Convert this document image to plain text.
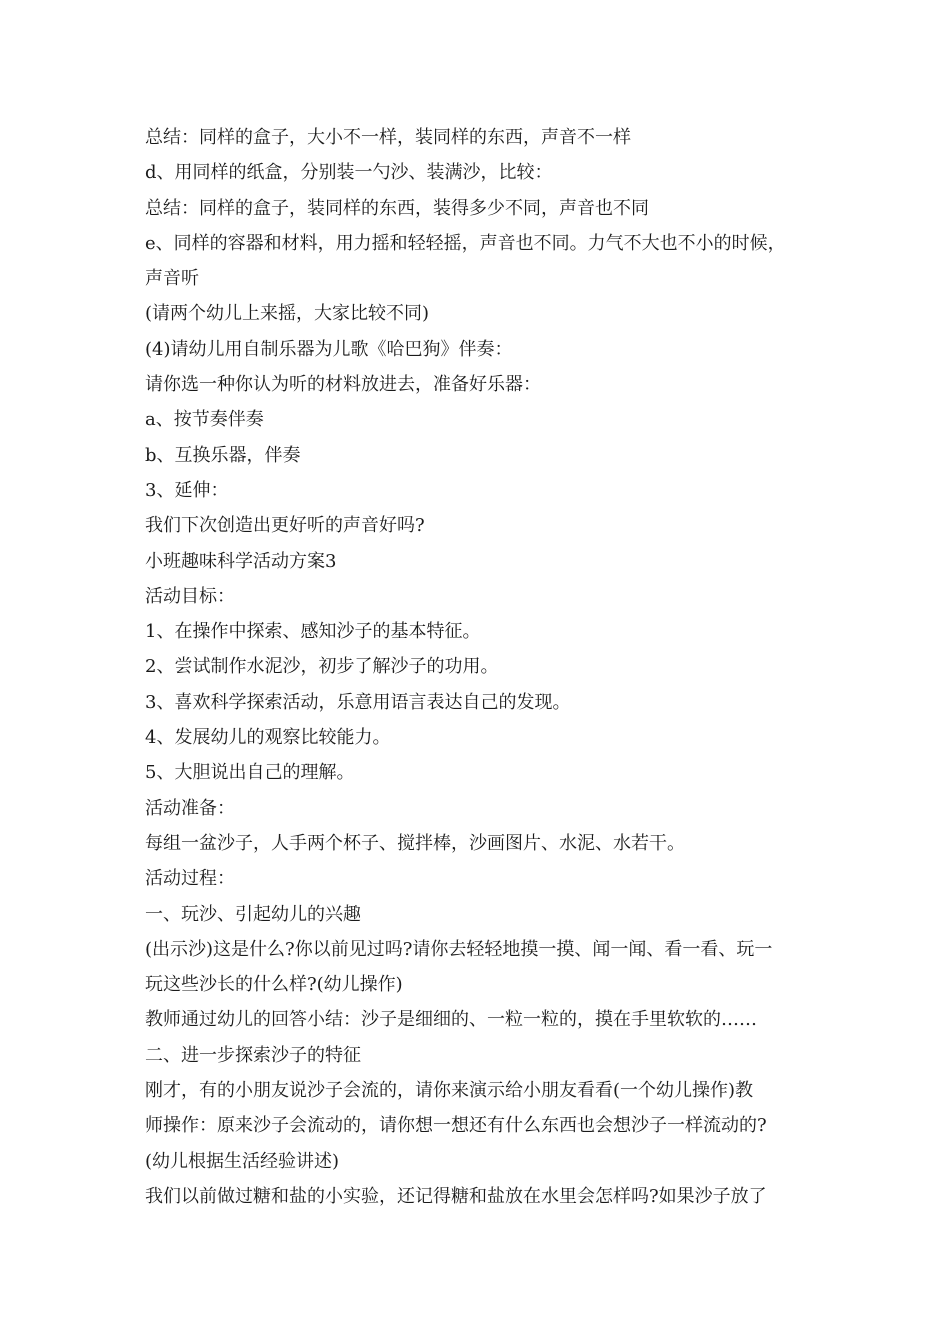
总结：同样的盒子，大小不一样，装同样的东西，声音不一样

d、用同样的纸盒，分别装一勺沙、装满沙，比较：

总结：同样的盒子，装同样的东西，装得多少不同，声音也不同

e、同样的容器和材料，用力摇和轻轻摇，声音也不同。力气不大也不小的时候，

声音听

(请两个幼儿上来摇，大家比较不同)

(4)请幼儿用自制乐器为儿歌《哈巴狗》伴奏：

请你选一种你认为听的材料放进去，准备好乐器：

a、按节奏伴奏

b、互换乐器，伴奏

3、延伸：

我们下次创造出更好听的声音好吗?

小班趣味科学活动方案3

活动目标：

1、在操作中探索、感知沙子的基本特征。

2、尝试制作水泥沙，初步了解沙子的功用。

3、喜欢科学探索活动，乐意用语言表达自己的发现。

4、发展幼儿的观察比较能力。

5、大胆说出自己的理解。

活动准备：

每组一盆沙子，人手两个杯子、搅拌棒，沙画图片、水泥、水若干。

活动过程：

一、玩沙、引起幼儿的兴趣

(出示沙)这是什么?你以前见过吗?请你去轻轻地摸一摸、闻一闻、看一看、玩一

玩这些沙长的什么样?(幼儿操作)

教师通过幼儿的回答小结：沙子是细细的、一粒一粒的，摸在手里软软的……

二、进一步探索沙子的特征

刚才，有的小朋友说沙子会流的，请你来演示给小朋友看看(一个幼儿操作)教

师操作：原来沙子会流动的，请你想一想还有什么东西也会想沙子一样流动的?

(幼儿根据生活经验讲述)

我们以前做过糖和盐的小实验，还记得糖和盐放在水里会怎样吗?如果沙子放了
